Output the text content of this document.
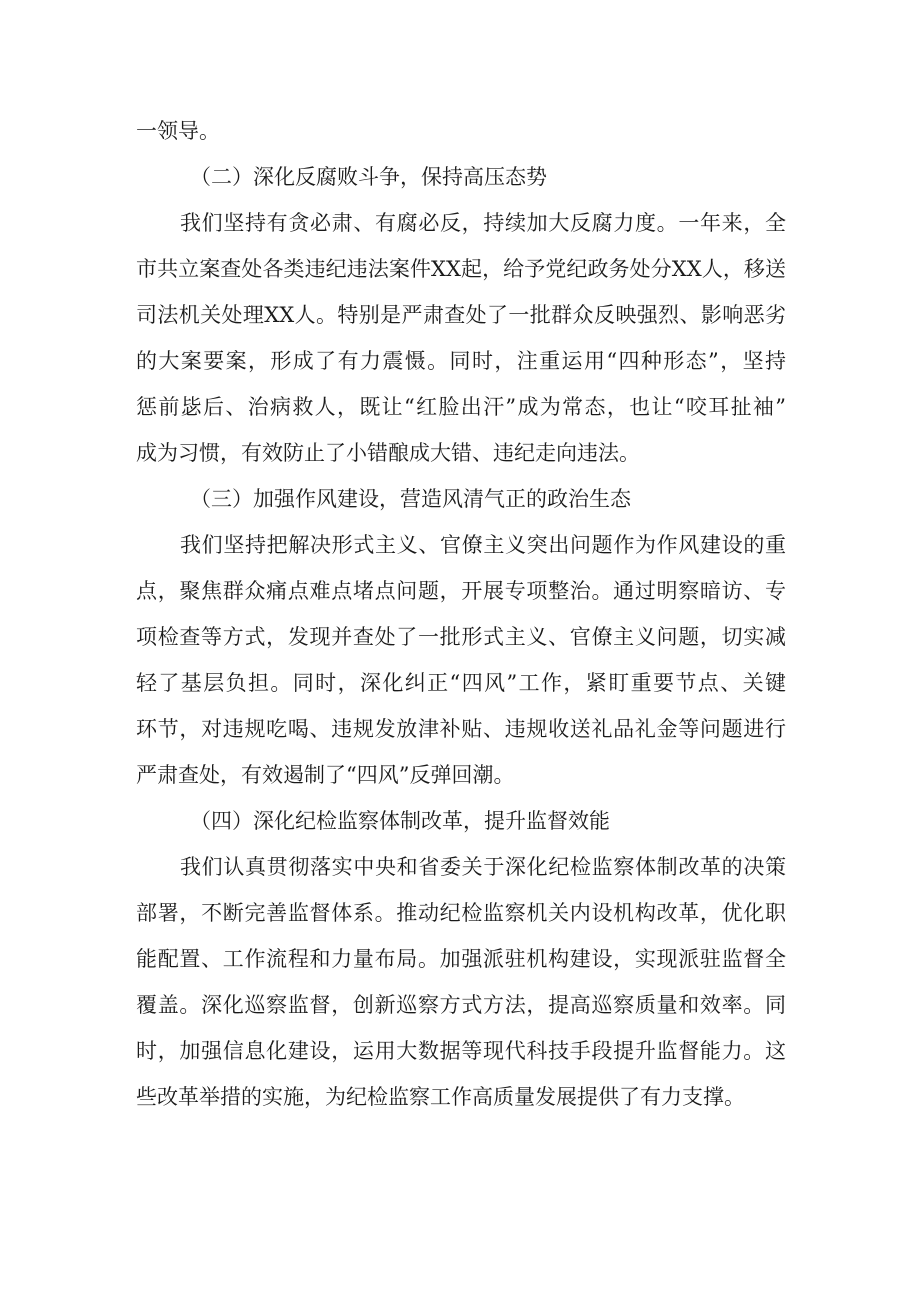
一领导。
（二）深化反腐败斗争，保持高压态势
我们坚持有贪必肃、有腐必反，持续加大反腐力度。一年来，全
市共立案查处各类违纪违法案件XX起，给予党纪政务处分XX人，移送
司法机关处理XX人。特别是严肃查处了一批群众反映强烈、影响恶劣
的大案要案，形成了有力震慑。同时，注重运用“四种形态”，坚持
惩前毖后、治病救人，既让“红脸出汗”成为常态，也让“咬耳扯袖”
成为习惯，有效防止了小错酿成大错、违纪走向违法。
（三）加强作风建设，营造风清气正的政治生态
我们坚持把解决形式主义、官僚主义突出问题作为作风建设的重
点，聚焦群众痛点难点堵点问题，开展专项整治。通过明察暗访、专
项检查等方式，发现并查处了一批形式主义、官僚主义问题，切实减
轻了基层负担。同时，深化纠正“四风”工作，紧盯重要节点、关键
环节，对违规吃喝、违规发放津补贴、违规收送礼品礼金等问题进行
严肃查处，有效遏制了“四风”反弹回潮。
（四）深化纪检监察体制改革，提升监督效能
我们认真贯彻落实中央和省委关于深化纪检监察体制改革的决策
部署，不断完善监督体系。推动纪检监察机关内设机构改革，优化职
能配置、工作流程和力量布局。加强派驻机构建设，实现派驻监督全
覆盖。深化巡察监督，创新巡察方式方法，提高巡察质量和效率。同
时，加强信息化建设，运用大数据等现代科技手段提升监督能力。这
些改革举措的实施，为纪检监察工作高质量发展提供了有力支撑。
